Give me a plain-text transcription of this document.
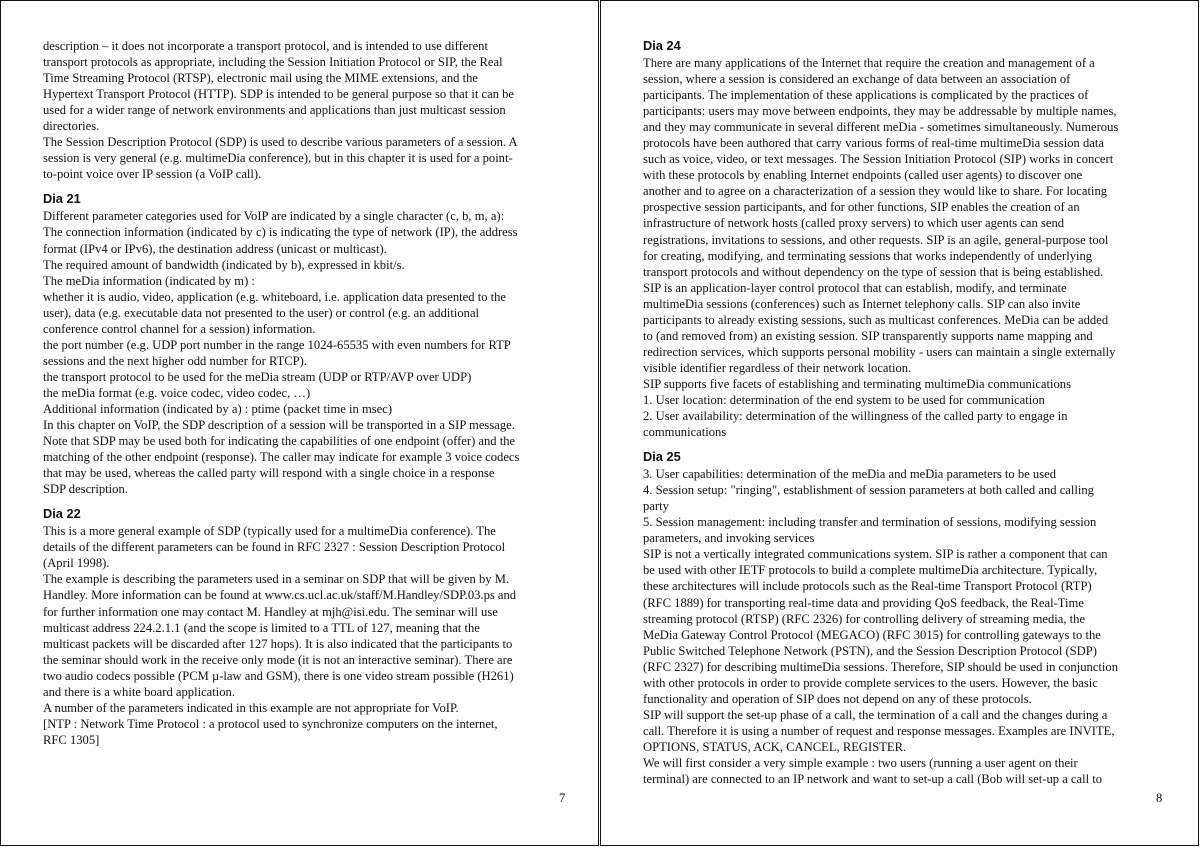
description – it does not incorporate a transport protocol, and is intended to use different
transport protocols as appropriate, including the Session Initiation Protocol or SIP, the Real
Time Streaming Protocol (RTSP), electronic mail using the MIME extensions, and the
Hypertext Transport Protocol (HTTP). SDP is intended to be general purpose so that it can be
used for a wider range of network environments and applications than just multicast session
directories.
The Session Description Protocol (SDP) is used to describe various parameters of a session. A
session is very general (e.g. multimeDia conference), but in this chapter it is used for a point-
to-point voice over IP session (a VoIP call).
Dia 21
Different parameter categories used for VoIP are indicated by a single character (c, b, m, a):
The connection information (indicated by c) is indicating the type of network (IP), the address
format (IPv4 or IPv6), the destination address (unicast or multicast).
The required amount of bandwidth (indicated by b), expressed in kbit/s.
The meDia information (indicated by m) :
whether it is audio, video, application (e.g. whiteboard, i.e. application data presented to the
user), data (e.g. executable data not presented to the user) or control (e.g. an additional
conference control channel for a session) information.
the port number (e.g. UDP port number in the range 1024-65535 with even numbers for RTP
sessions and the next higher odd number for RTCP).
the transport protocol to be used for the meDia stream (UDP or RTP/AVP over UDP)
the meDia format (e.g. voice codec, video codec, …)
Additional information (indicated by a) : ptime (packet time in msec)
In this chapter on VoIP, the SDP description of a session will be transported in a SIP message.
Note that SDP may be used both for indicating the capabilities of one endpoint (offer) and the
matching of the other endpoint (response). The caller may indicate for example 3 voice codecs
that may be used, whereas the called party will respond with a single choice in a response
SDP description.
Dia 22
This is a more general example of SDP (typically used for a multimeDia conference). The
details of the different parameters can be found in RFC 2327 : Session Description Protocol
(April 1998).
The example is describing the parameters used in a seminar on SDP that will be given by M.
Handley. More information can be found at www.cs.ucl.ac.uk/staff/M.Handley/SDP.03.ps and
for further information one may contact M. Handley at mjh@isi.edu. The seminar will use
multicast address 224.2.1.1 (and the scope is limited to a TTL of 127, meaning that the
multicast packets will be discarded after 127 hops). It is also indicated that the participants to
the seminar should work in the receive only mode (it is not an interactive seminar). There are
two audio codecs possible (PCM µ-law and GSM), there is one video stream possible (H261)
and there is a white board application.
A number of the parameters indicated in this example are not appropriate for VoIP.
[NTP : Network Time Protocol : a protocol used to synchronize computers on the internet,
RFC 1305]
7
Dia 24
There are many applications of the Internet that require the creation and management of a
session, where a session is considered an exchange of data between an association of
participants. The implementation of these applications is complicated by the practices of
participants: users may move between endpoints, they may be addressable by multiple names,
and they may communicate in several different meDia - sometimes simultaneously. Numerous
protocols have been authored that carry various forms of real-time multimeDia session data
such as voice, video, or text messages. The Session Initiation Protocol (SIP) works in concert
with these protocols by enabling Internet endpoints (called user agents) to discover one
another and to agree on a characterization of a session they would like to share. For locating
prospective session participants, and for other functions, SIP enables the creation of an
infrastructure of network hosts (called proxy servers) to which user agents can send
registrations, invitations to sessions, and other requests. SIP is an agile, general-purpose tool
for creating, modifying, and terminating sessions that works independently of underlying
transport protocols and without dependency on the type of session that is being established.
SIP is an application-layer control protocol that can establish, modify, and terminate
multimeDia sessions (conferences) such as Internet telephony calls. SIP can also invite
participants to already existing sessions, such as multicast conferences. MeDia can be added
to (and removed from) an existing session. SIP transparently supports name mapping and
redirection services, which supports personal mobility - users can maintain a single externally
visible identifier regardless of their network location.
SIP supports five facets of establishing and terminating multimeDia communications
1. User location: determination of the end system to be used for communication
2. User availability: determination of the willingness of the called party to engage in
communications
Dia 25
3. User capabilities: determination of the meDia and meDia parameters to be used
4. Session setup: "ringing", establishment of session parameters at both called and calling
party
5. Session management: including transfer and termination of sessions, modifying session
parameters, and invoking services
SIP is not a vertically integrated communications system. SIP is rather a component that can
be used with other IETF protocols to build a complete multimeDia architecture. Typically,
these architectures will include protocols such as the Real-time Transport Protocol (RTP)
(RFC 1889) for transporting real-time data and providing QoS feedback, the Real-Time
streaming protocol (RTSP) (RFC 2326) for controlling delivery of streaming media, the
MeDia Gateway Control Protocol (MEGACO) (RFC 3015) for controlling gateways to the
Public Switched Telephone Network (PSTN), and the Session Description Protocol (SDP)
(RFC 2327) for describing multimeDia sessions. Therefore, SIP should be used in conjunction
with other protocols in order to provide complete services to the users. However, the basic
functionality and operation of SIP does not depend on any of these protocols.
SIP will support the set-up phase of a call, the termination of a call and the changes during a
call. Therefore it is using a number of request and response messages. Examples are INVITE,
OPTIONS, STATUS, ACK, CANCEL, REGISTER.
We will first consider a very simple example : two users (running a user agent on their
terminal) are connected to an IP network and want to set-up a call (Bob will set-up a call to
8
